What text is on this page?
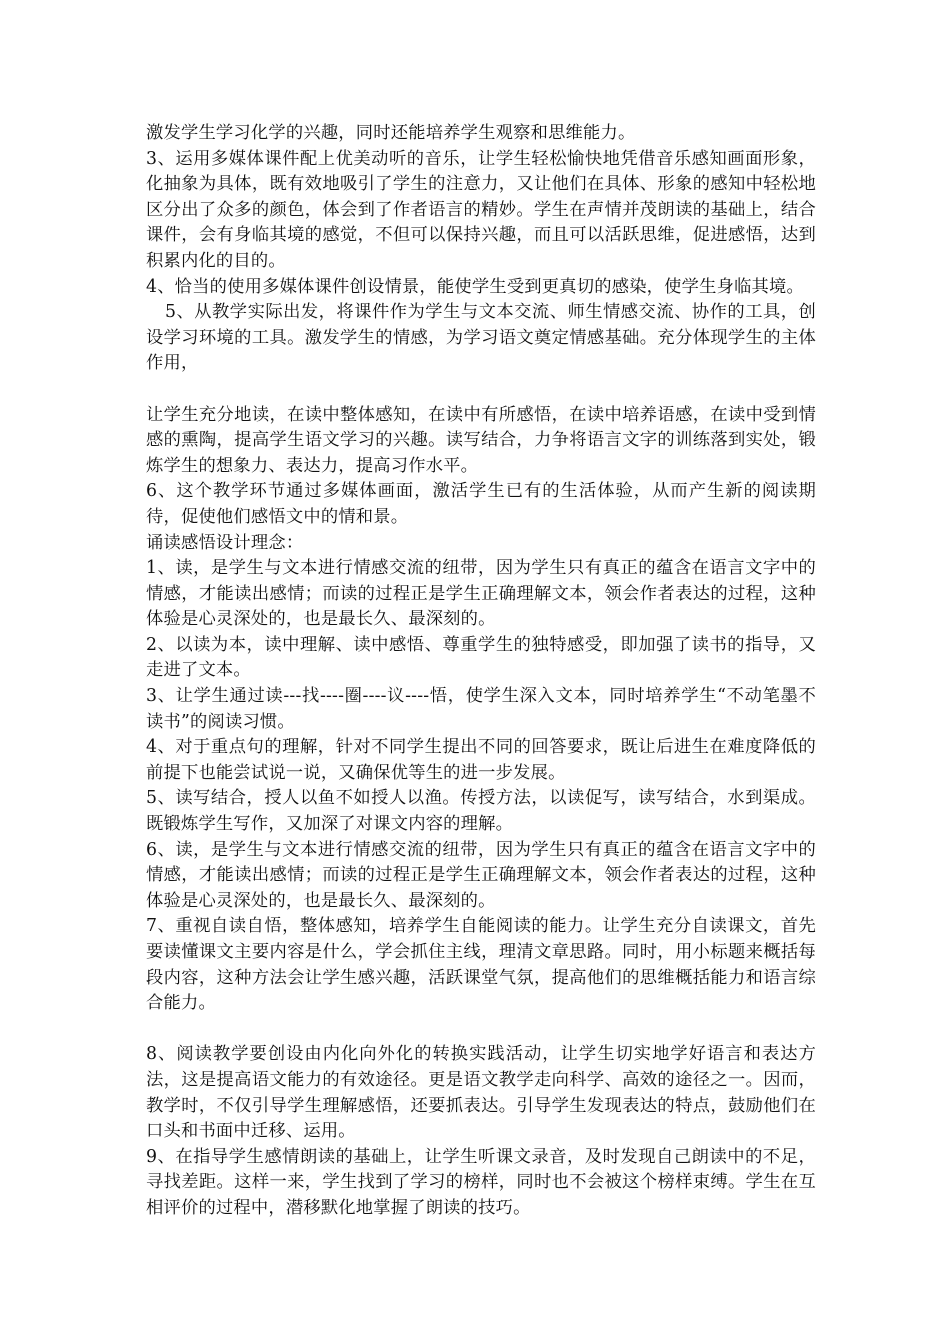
激发学生学习化学的兴趣，同时还能培养学生观察和思维能力。

3、运用多媒体课件配上优美动听的音乐，让学生轻松愉快地凭借音乐感知画面形象，化抽象为具体，既有效地吸引了学生的注意力，又让他们在具体、形象的感知中轻松地区分出了众多的颜色，体会到了作者语言的精妙。学生在声情并茂朗读的基础上，结合课件，会有身临其境的感觉，不但可以保持兴趣，而且可以活跃思维，促进感悟，达到积累内化的目的。

4、恰当的使用多媒体课件创设情景，能使学生受到更真切的感染，使学生身临其境。

5、从教学实际出发，将课件作为学生与文本交流、师生情感交流、协作的工具，创设学习环境的工具。激发学生的情感，为学习语文奠定情感基础。充分体现学生的主体作用，

让学生充分地读，在读中整体感知，在读中有所感悟，在读中培养语感，在读中受到情感的熏陶，提高学生语文学习的兴趣。读写结合，力争将语言文字的训练落到实处，锻炼学生的想象力、表达力，提高习作水平。

6、这个教学环节通过多媒体画面，激活学生已有的生活体验，从而产生新的阅读期待，促使他们感悟文中的情和景。

诵读感悟设计理念：

1、读，是学生与文本进行情感交流的纽带，因为学生只有真正的蕴含在语言文字中的情感，才能读出感情；而读的过程正是学生正确理解文本，领会作者表达的过程，这种体验是心灵深处的，也是最长久、最深刻的。

2、以读为本，读中理解、读中感悟、尊重学生的独特感受，即加强了读书的指导，又走进了文本。

3、让学生通过读---找----圈----议----悟，使学生深入文本，同时培养学生“不动笔墨不读书”的阅读习惯。

4、对于重点句的理解，针对不同学生提出不同的回答要求，既让后进生在难度降低的前提下也能尝试说一说，又确保优等生的进一步发展。

5、读写结合，授人以鱼不如授人以渔。传授方法，以读促写，读写结合，水到渠成。既锻炼学生写作，又加深了对课文内容的理解。

6、读，是学生与文本进行情感交流的纽带，因为学生只有真正的蕴含在语言文字中的情感，才能读出感情；而读的过程正是学生正确理解文本，领会作者表达的过程，这种体验是心灵深处的，也是最长久、最深刻的。

7、重视自读自悟，整体感知，培养学生自能阅读的能力。让学生充分自读课文，首先要读懂课文主要内容是什么，学会抓住主线，理清文章思路。同时，用小标题来概括每段内容，这种方法会让学生感兴趣，活跃课堂气氛，提高他们的思维概括能力和语言综合能力。

8、阅读教学要创设由内化向外化的转换实践活动，让学生切实地学好语言和表达方法，这是提高语文能力的有效途径。更是语文教学走向科学、高效的途径之一。因而，教学时，不仅引导学生理解感悟，还要抓表达。引导学生发现表达的特点，鼓励他们在口头和书面中迁移、运用。

9、在指导学生感情朗读的基础上，让学生听课文录音，及时发现自己朗读中的不足，寻找差距。这样一来，学生找到了学习的榜样，同时也不会被这个榜样束缚。学生在互相评价的过程中，潜移默化地掌握了朗读的技巧。
